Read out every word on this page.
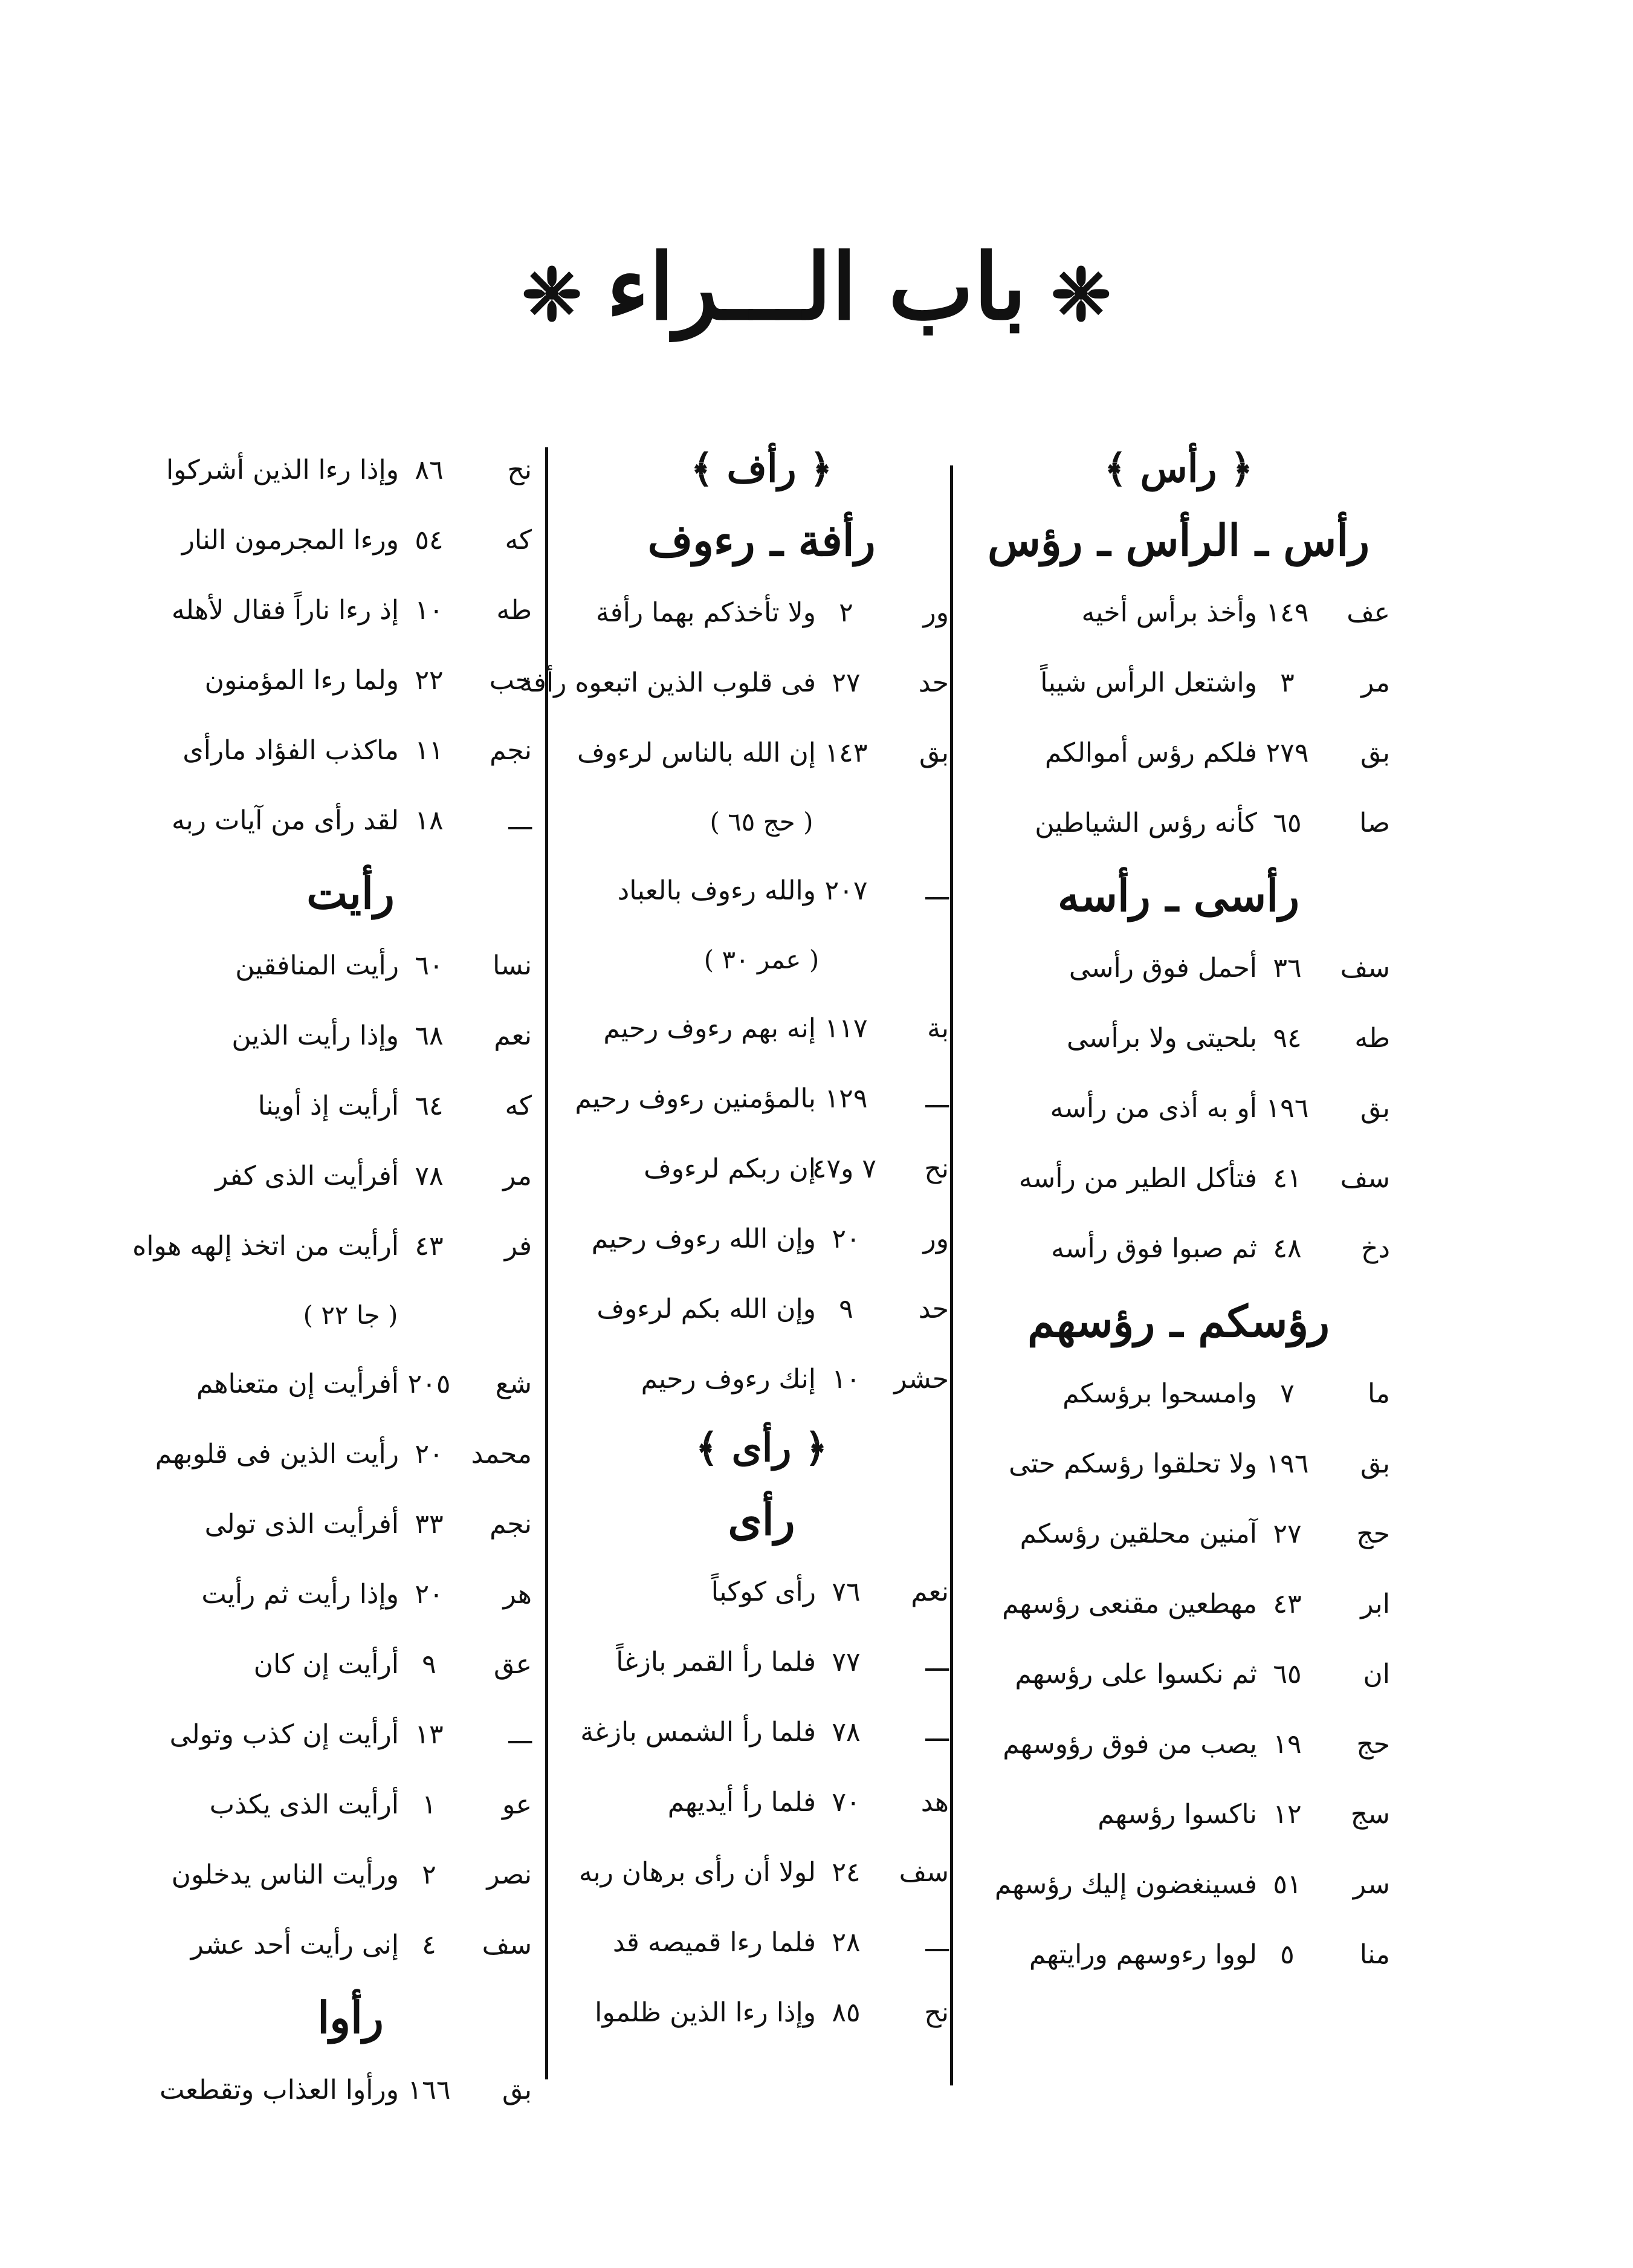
❈باب الـــراء❈
﴿ رأس ﴾
رأس ـ الرأس ـ رؤس
عف
١٤٩
وأخذ برأس أخيه
مر
٣
واشتعل الرأس شيباً
بق
٢٧٩
فلكم رؤس أموالكم
صا
٦٥
كأنه رؤس الشياطين
رأسى ـ رأسه
سف
٣٦
أحمل فوق رأسى
طه
٩٤
بلحيتى ولا برأسى
بق
١٩٦
أو به أذى من رأسه
سف
٤١
فتأكل الطير من رأسه
دخ
٤٨
ثم صبوا فوق رأسه
رؤسكم ـ رؤسهم
ما
٧
وامسحوا برؤسكم
بق
١٩٦
ولا تحلقوا رؤسكم حتى
حج
٢٧
آمنين محلقين رؤسكم
ابر
٤٣
مهطعين مقنعى رؤسهم
ان
٦٥
ثم نكسوا على رؤسهم
حج
١٩
يصب من فوق رؤوسهم
سج
١٢
ناكسوا رؤسهم
سر
٥١
فسينغضون إليك رؤسهم
منا
٥
لووا رءوسهم ورايتهم
﴿ رأف ﴾
رأفة ـ رءوف
ور
٢
ولا تأخذكم بهما رأفة
حد
٢٧
فى قلوب الذين اتبعوه رأفة
بق
١٤٣
إن الله بالناس لرءوف
( حج ٦٥ )
ـــ
٢٠٧
والله رءوف بالعباد
( عمر ٣٠ )
بة
١١٧
إنه بهم رءوف رحيم
ـــ
١٢٩
بالمؤمنين رءوف رحيم
نح
٧ و٤٧
إن ربكم لرءوف
ور
٢٠
وإن الله رءوف رحيم
حد
٩
وإن الله بكم لرءوف
حشر
١٠
إنك رءوف رحيم
﴿ رأى ﴾
رأى
نعم
٧٦
رأى كوكباً
ـــ
٧٧
فلما رأ القمر بازغاً
ـــ
٧٨
فلما رأ الشمس بازغة
هد
٧٠
فلما رأ أيديهم
سف
٢٤
لولا أن رأى برهان ربه
ـــ
٢٨
فلما رءا قميصه قد
نح
٨٥
وإذا رءا الذين ظلموا
نح
٨٦
وإذا رءا الذين أشركوا
كه
٥٤
ورءا المجرمون النار
طه
١٠
إذ رءا ناراً فقال لأهله
حب
٢٢
ولما رءا المؤمنون
نجم
١١
ماكذب الفؤاد مارأى
ـــ
١٨
لقد رأى من آيات ربه
رأيت
نسا
٦٠
رأيت المنافقين
نعم
٦٨
وإذا رأيت الذين
كه
٦٤
أرأيت إذ أوينا
مر
٧٨
أفرأيت الذى كفر
فر
٤٣
أرأيت من اتخذ إلهه هواه
( جا ٢٢ )
شع
٢٠٥
أفرأيت إن متعناهم
محمد
٢٠
رأيت الذين فى قلوبهم
نجم
٣٣
أفرأيت الذى تولى
هر
٢٠
وإذا رأيت ثم رأيت
عق
٩
أرأيت إن كان
ـــ
١٣
أرأيت إن كذب وتولى
عو
١
أرأيت الذى يكذب
نصر
٢
ورأيت الناس يدخلون
سف
٤
إنى رأيت أحد عشر
رأوا
بق
١٦٦
ورأوا العذاب وتقطعت
